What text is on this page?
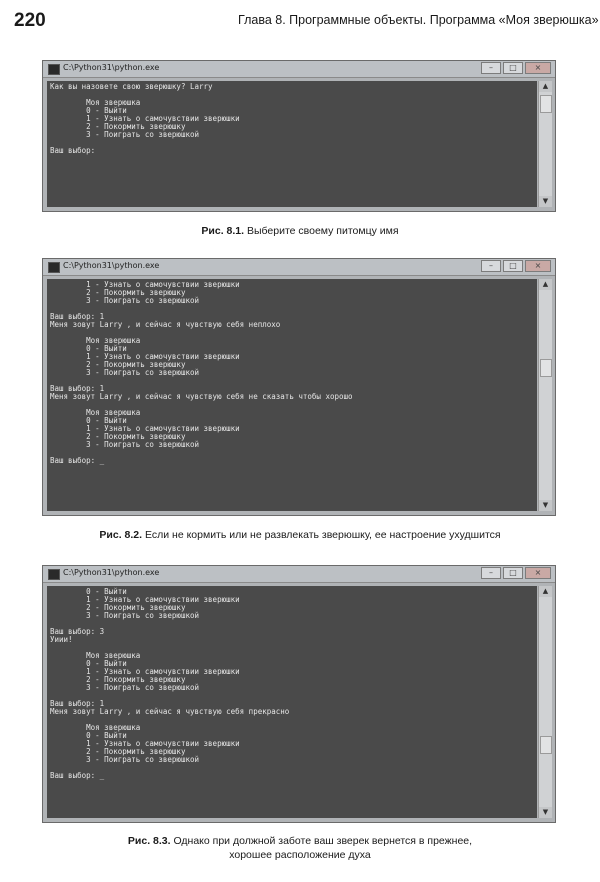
220	Глава 8. Программные объекты. Программа «Моя зверюшка»
C:\Python31\python.exe	–	□	×
Как вы назовете свою зверюшку? Larry
Моя зверюшка
0 - Выйти
1 - Узнать о самочувствии зверюшки
2 - Покормить зверюшку
3 - Поиграть со зверюшкой
Ваш выбор:
▲
▼
Рис. 8.1. Выберите своему питомцу имя
C:\Python31\python.exe	–	□	×
1 - Узнать о самочувствии зверюшки
2 - Покормить зверюшку
3 - Поиграть со зверюшкой
Ваш выбор: 1
Меня зовут Larry , и сейчас я чувствую себя неплохо
Моя зверюшка
0 - Выйти
1 - Узнать о самочувствии зверюшки
2 - Покормить зверюшку
3 - Поиграть со зверюшкой
Ваш выбор: 1
Меня зовут Larry , и сейчас я чувствую себя не сказать чтобы хорошо
Моя зверюшка
0 - Выйти
1 - Узнать о самочувствии зверюшки
2 - Покормить зверюшку
3 - Поиграть со зверюшкой
Ваш выбор: _
▲
▼
Рис. 8.2. Если не кормить или не развлекать зверюшку, ее настроение ухудшится
C:\Python31\python.exe	–	□	×
0 - Выйти
1 - Узнать о самочувствии зверюшки
2 - Покормить зверюшку
3 - Поиграть со зверюшкой
Ваш выбор: 3
Уиии!
Моя зверюшка
0 - Выйти
1 - Узнать о самочувствии зверюшки
2 - Покормить зверюшку
3 - Поиграть со зверюшкой
Ваш выбор: 1
Меня зовут Larry , и сейчас я чувствую себя прекрасно
Моя зверюшка
0 - Выйти
1 - Узнать о самочувствии зверюшки
2 - Покормить зверюшку
3 - Поиграть со зверюшкой
Ваш выбор: _
▲
▼
Рис. 8.3. Однако при должной заботе ваш зверек вернется в прежнее,
хорошее расположение духа
